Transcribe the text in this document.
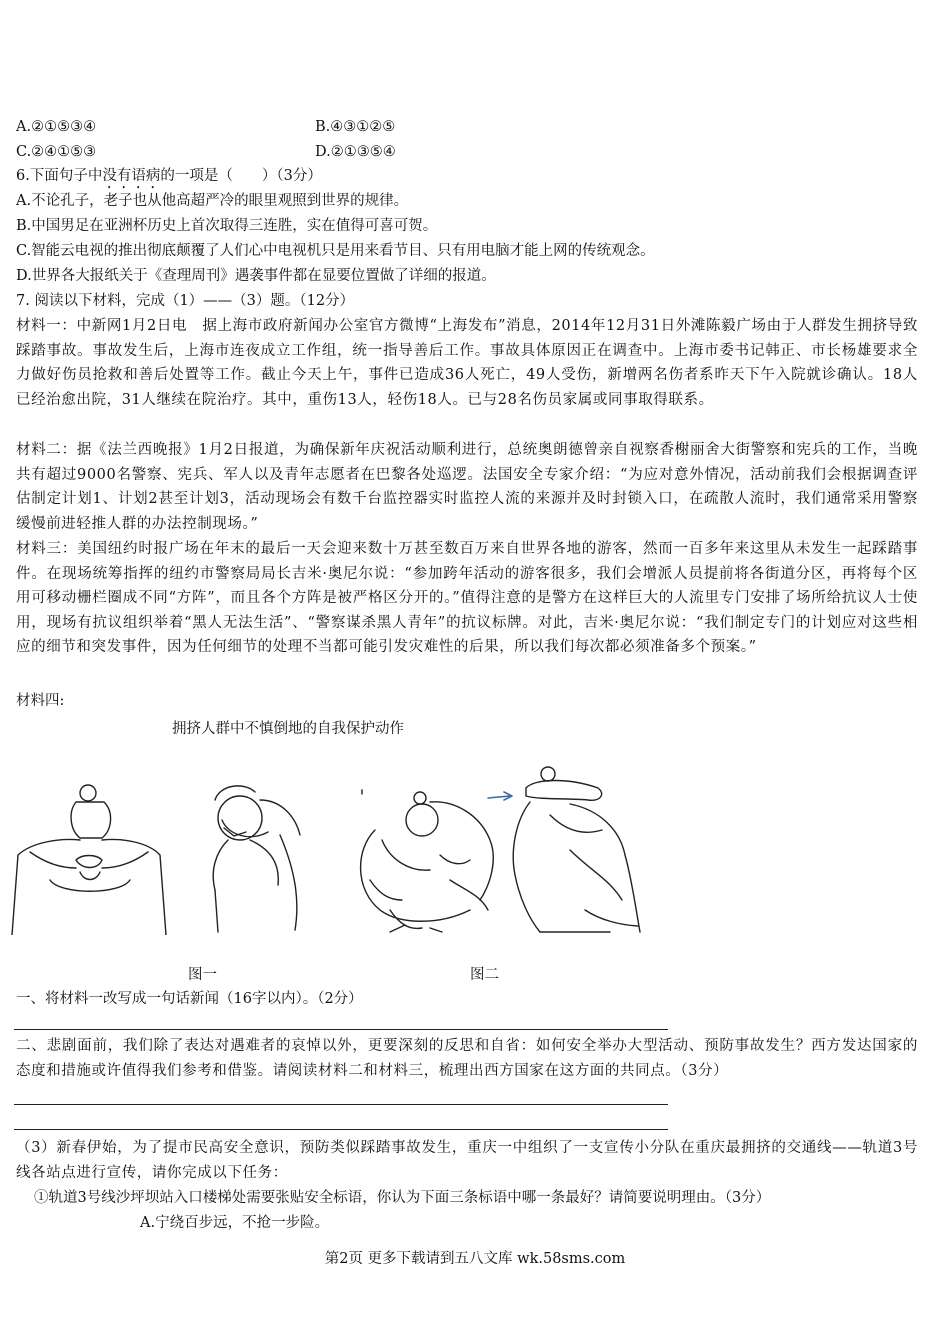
A.②①⑤③④	B.④③①②⑤
C.②④①⑤③	D.②①③⑤④
6.下面句子中没有语病的一项是（　　）（3分）
A.不论孔子，老子也从他高超严冷的眼里观照到世界的规律。
B.中国男足在亚洲杯历史上首次取得三连胜，实在值得可喜可贺。
C.智能云电视的推出彻底颠覆了人们心中电视机只是用来看节目、只有用电脑才能上网的传统观念。
D.世界各大报纸关于《查理周刊》遇袭事件都在显要位置做了详细的报道。
7. 阅读以下材料，完成（1）——（3）题。（12分）
材料一：中新网1月2日电　据上海市政府新闻办公室官方微博“上海发布”消息，2014年12月31日外滩陈毅广场由于人群发生拥挤导致踩踏事故。事故发生后，上海市连夜成立工作组，统一指导善后工作。事故具体原因正在调查中。上海市委书记韩正、市长杨雄要求全力做好伤员抢救和善后处置等工作。截止今天上午，事件已造成36人死亡，49人受伤，新增两名伤者系昨天下午入院就诊确认。18人已经治愈出院，31人继续在院治疗。其中，重伤13人，轻伤18人。已与28名伤员家属或同事取得联系。
材料二：据《法兰西晚报》1月2日报道，为确保新年庆祝活动顺利进行，总统奥朗德曾亲自视察香榭丽舍大街警察和宪兵的工作，当晚共有超过9000名警察、宪兵、军人以及青年志愿者在巴黎各处巡逻。法国安全专家介绍：“为应对意外情况，活动前我们会根据调查评估制定计划1、计划2甚至计划3，活动现场会有数千台监控器实时监控人流的来源并及时封锁入口，在疏散人流时，我们通常采用警察缓慢前进轻推人群的办法控制现场。”
材料三：美国纽约时报广场在年末的最后一天会迎来数十万甚至数百万来自世界各地的游客，然而一百多年来这里从未发生一起踩踏事件。在现场统筹指挥的纽约市警察局局长吉米·奥尼尔说：“参加跨年活动的游客很多，我们会增派人员提前将各街道分区，再将每个区用可移动栅栏圈成不同“方阵”，而且各个方阵是被严格区分开的。”值得注意的是警方在这样巨大的人流里专门安排了场所给抗议人士使用，现场有抗议组织举着“黑人无法生活”、“警察谋杀黑人青年”的抗议标牌。对此，吉米·奥尼尔说：“我们制定专门的计划应对这些相应的细节和突发事件，因为任何细节的处理不当都可能引发灾难性的后果，所以我们每次都必须准备多个预案。”
材料四:
拥挤人群中不慎倒地的自我保护动作
图一	图二
一、将材料一改写成一句话新闻（16字以内）。（2分）
二、悲剧面前，我们除了表达对遇难者的哀悼以外，更要深刻的反思和自省：如何安全举办大型活动、预防事故发生？西方发达国家的态度和措施或许值得我们参考和借鉴。请阅读材料二和材料三，梳理出西方国家在这方面的共同点。（3分）
（3）新春伊始，为了提市民高安全意识，预防类似踩踏事故发生，重庆一中组织了一支宣传小分队在重庆最拥挤的交通线——轨道3号线各站点进行宣传，请你完成以下任务：
①轨道3号线沙坪坝站入口楼梯处需要张贴安全标语，你认为下面三条标语中哪一条最好？请简要说明理由。（3分）
A.宁绕百步远，不抢一步险。
第2页 更多下载请到五八文库 wk.58sms.com
